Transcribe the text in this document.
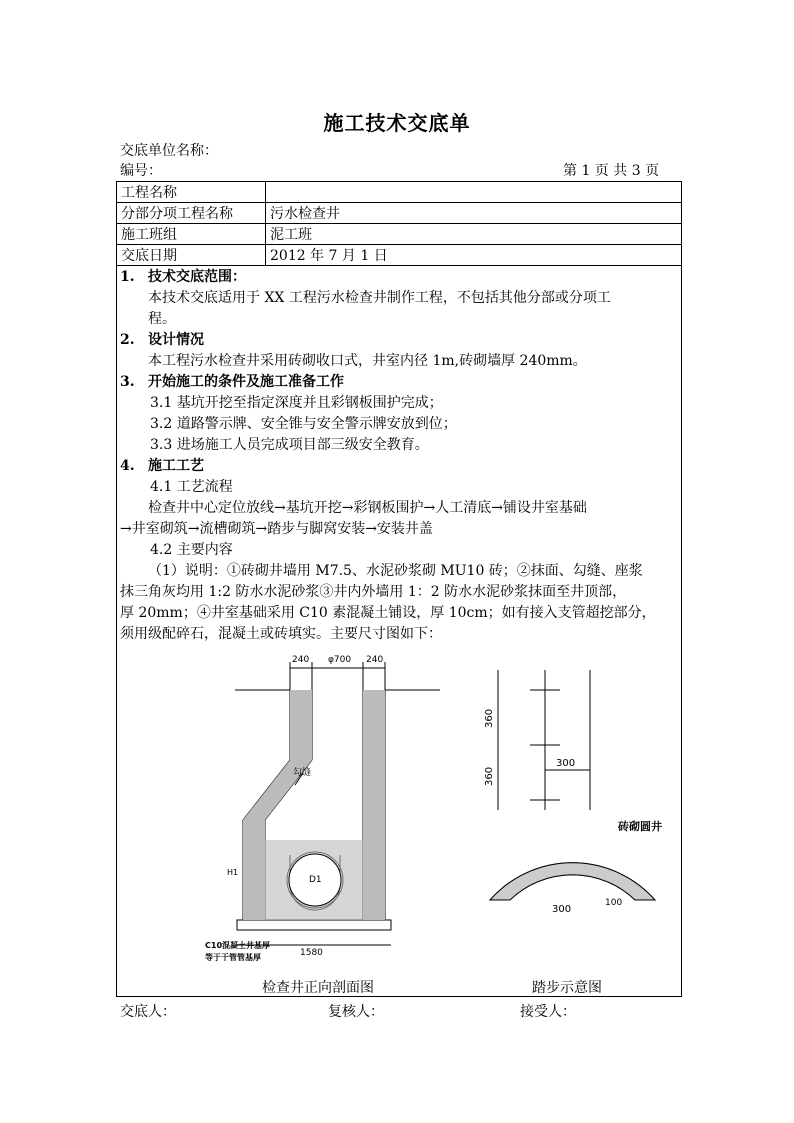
施工技术交底单
交底单位名称：
编号：	第 1 页 共 3 页
工程名称	
分部分项工程名称	污水检查井
施工班组	泥工班
交底日期	2012 年 7 月 1 日
1. 技术交底范围：
本技术交底适用于 XX 工程污水检查井制作工程，不包括其他分部或分项工
程。
2. 设计情况
本工程污水检查井采用砖砌收口式，井室内径 1m,砖砌墙厚 240mm。
3. 开始施工的条件及施工准备工作
3.1 基坑开挖至指定深度并且彩钢板围护完成；
3.2 道路警示牌、安全锥与安全警示牌安放到位；
3.3 进场施工人员完成项目部三级安全教育。
4. 施工工艺
4.1 工艺流程
检查井中心定位放线→基坑开挖→彩钢板围护→人工清底→铺设井室基础
→井室砌筑→流槽砌筑→踏步与脚窝安装→安装井盖
4.2 主要内容
（1）说明：①砖砌井墙用 M7.5、水泥砂浆砌 MU10 砖；②抹面、勾缝、座浆
抹三角灰均用 1:2 防水水泥砂浆③井内外墙用 1：2 防水水泥砂浆抹面至井顶部，
厚 20mm；④井室基础采用 C10 素混凝土铺设，厚 10cm；如有接入支管超挖部分，
须用级配碎石，混凝土或砖填实。主要尺寸图如下：
240 φ700 240
勾缝
D1
H1
1580
C10混凝土井基厚
等于干管管基厚
360
360
300
砖砌圆井
300
100
检查井正向剖面图	踏步示意图
交底人：	复核人：	接受人：
